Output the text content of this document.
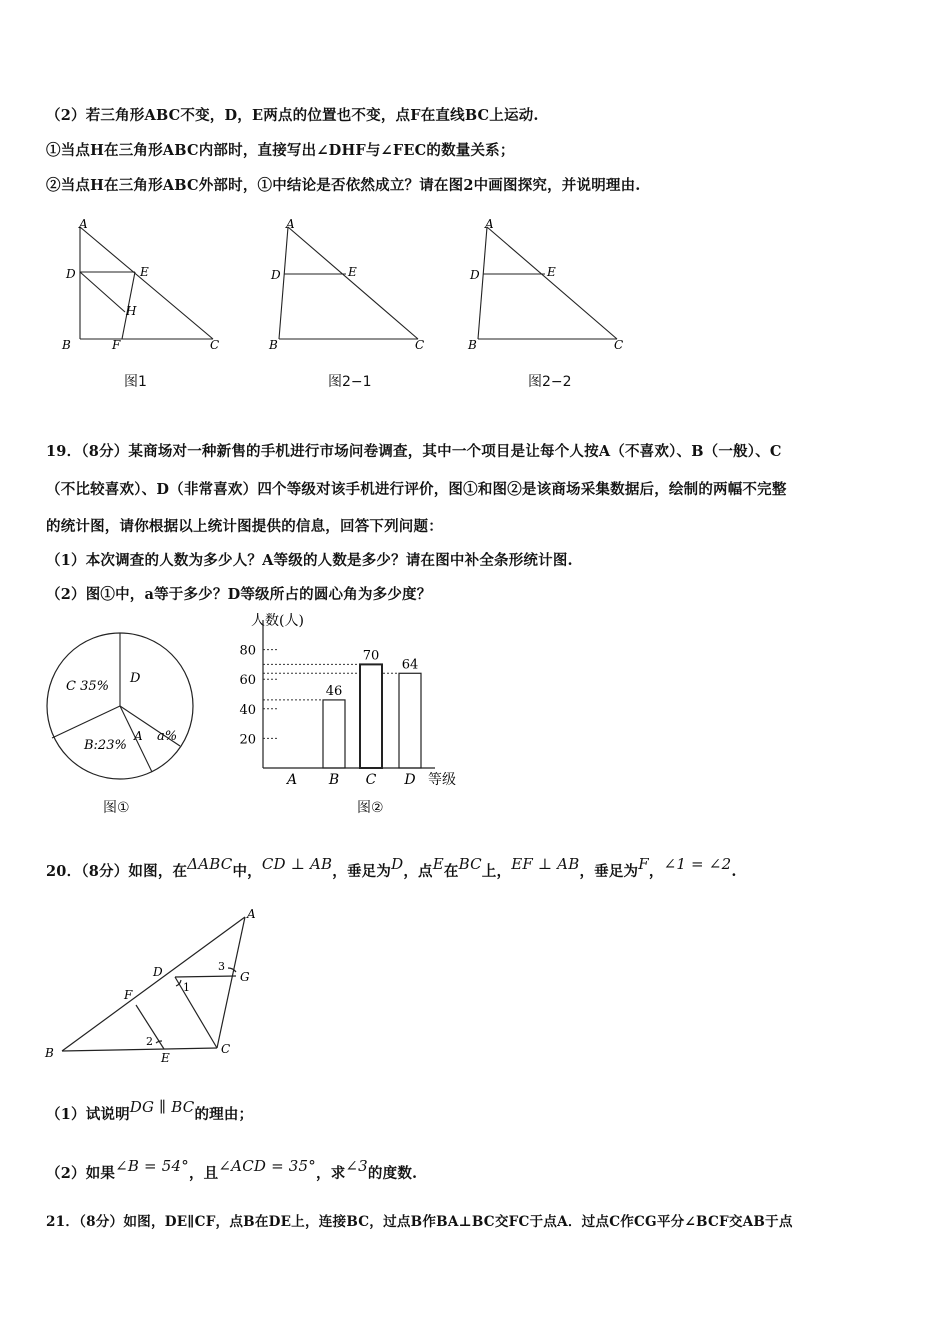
（2）若三角形ABC不变，D，E两点的位置也不变，点F在直线BC上运动.
①当点H在三角形ABC内部时，直接写出∠DHF与∠FEC的数量关系；
②当点H在三角形ABC外部时，①中结论是否依然成立？请在图2中画图探究，并说明理由.
A
D	E
H
B	F	C
图1
A
D	E
B	C
图2−1
A
D	E
B	C
图2−2
19．（8分）某商场对一种新售的手机进行市场问卷调查，其中一个项目是让每个人按A（不喜欢）、B（一般）、C
（不比较喜欢）、D（非常喜欢）四个等级对该手机进行评价，图①和图②是该商场采集数据后，绘制的两幅不完整
的统计图，请你根据以上统计图提供的信息，回答下列问题：
（1）本次调查的人数为多少人？A等级的人数是多少？请在图中补全条形统计图.
（2）图①中，a等于多少？D等级所占的圆心角为多少度？
C 35%
D
B:23%
A a%
图①
人数(人)
20
40
60
80
46
70
64
A B C D 等级
图②
20．（8分）如图，在ΔABC中，CD ⊥ AB，垂足为D，点E在BC上，EF ⊥ AB，垂足为F，∠1 = ∠2.
A
D	3
G
1
F
2
B	E
C
（1）试说明DG ∥ BC的理由；
（2）如果∠B = 54°，且∠ACD = 35°，求∠3的度数.
21．（8分）如图，DE∥CF，点B在DE上，连接BC，过点B作BA⊥BC交FC于点A．过点C作CG平分∠BCF交AB于点
